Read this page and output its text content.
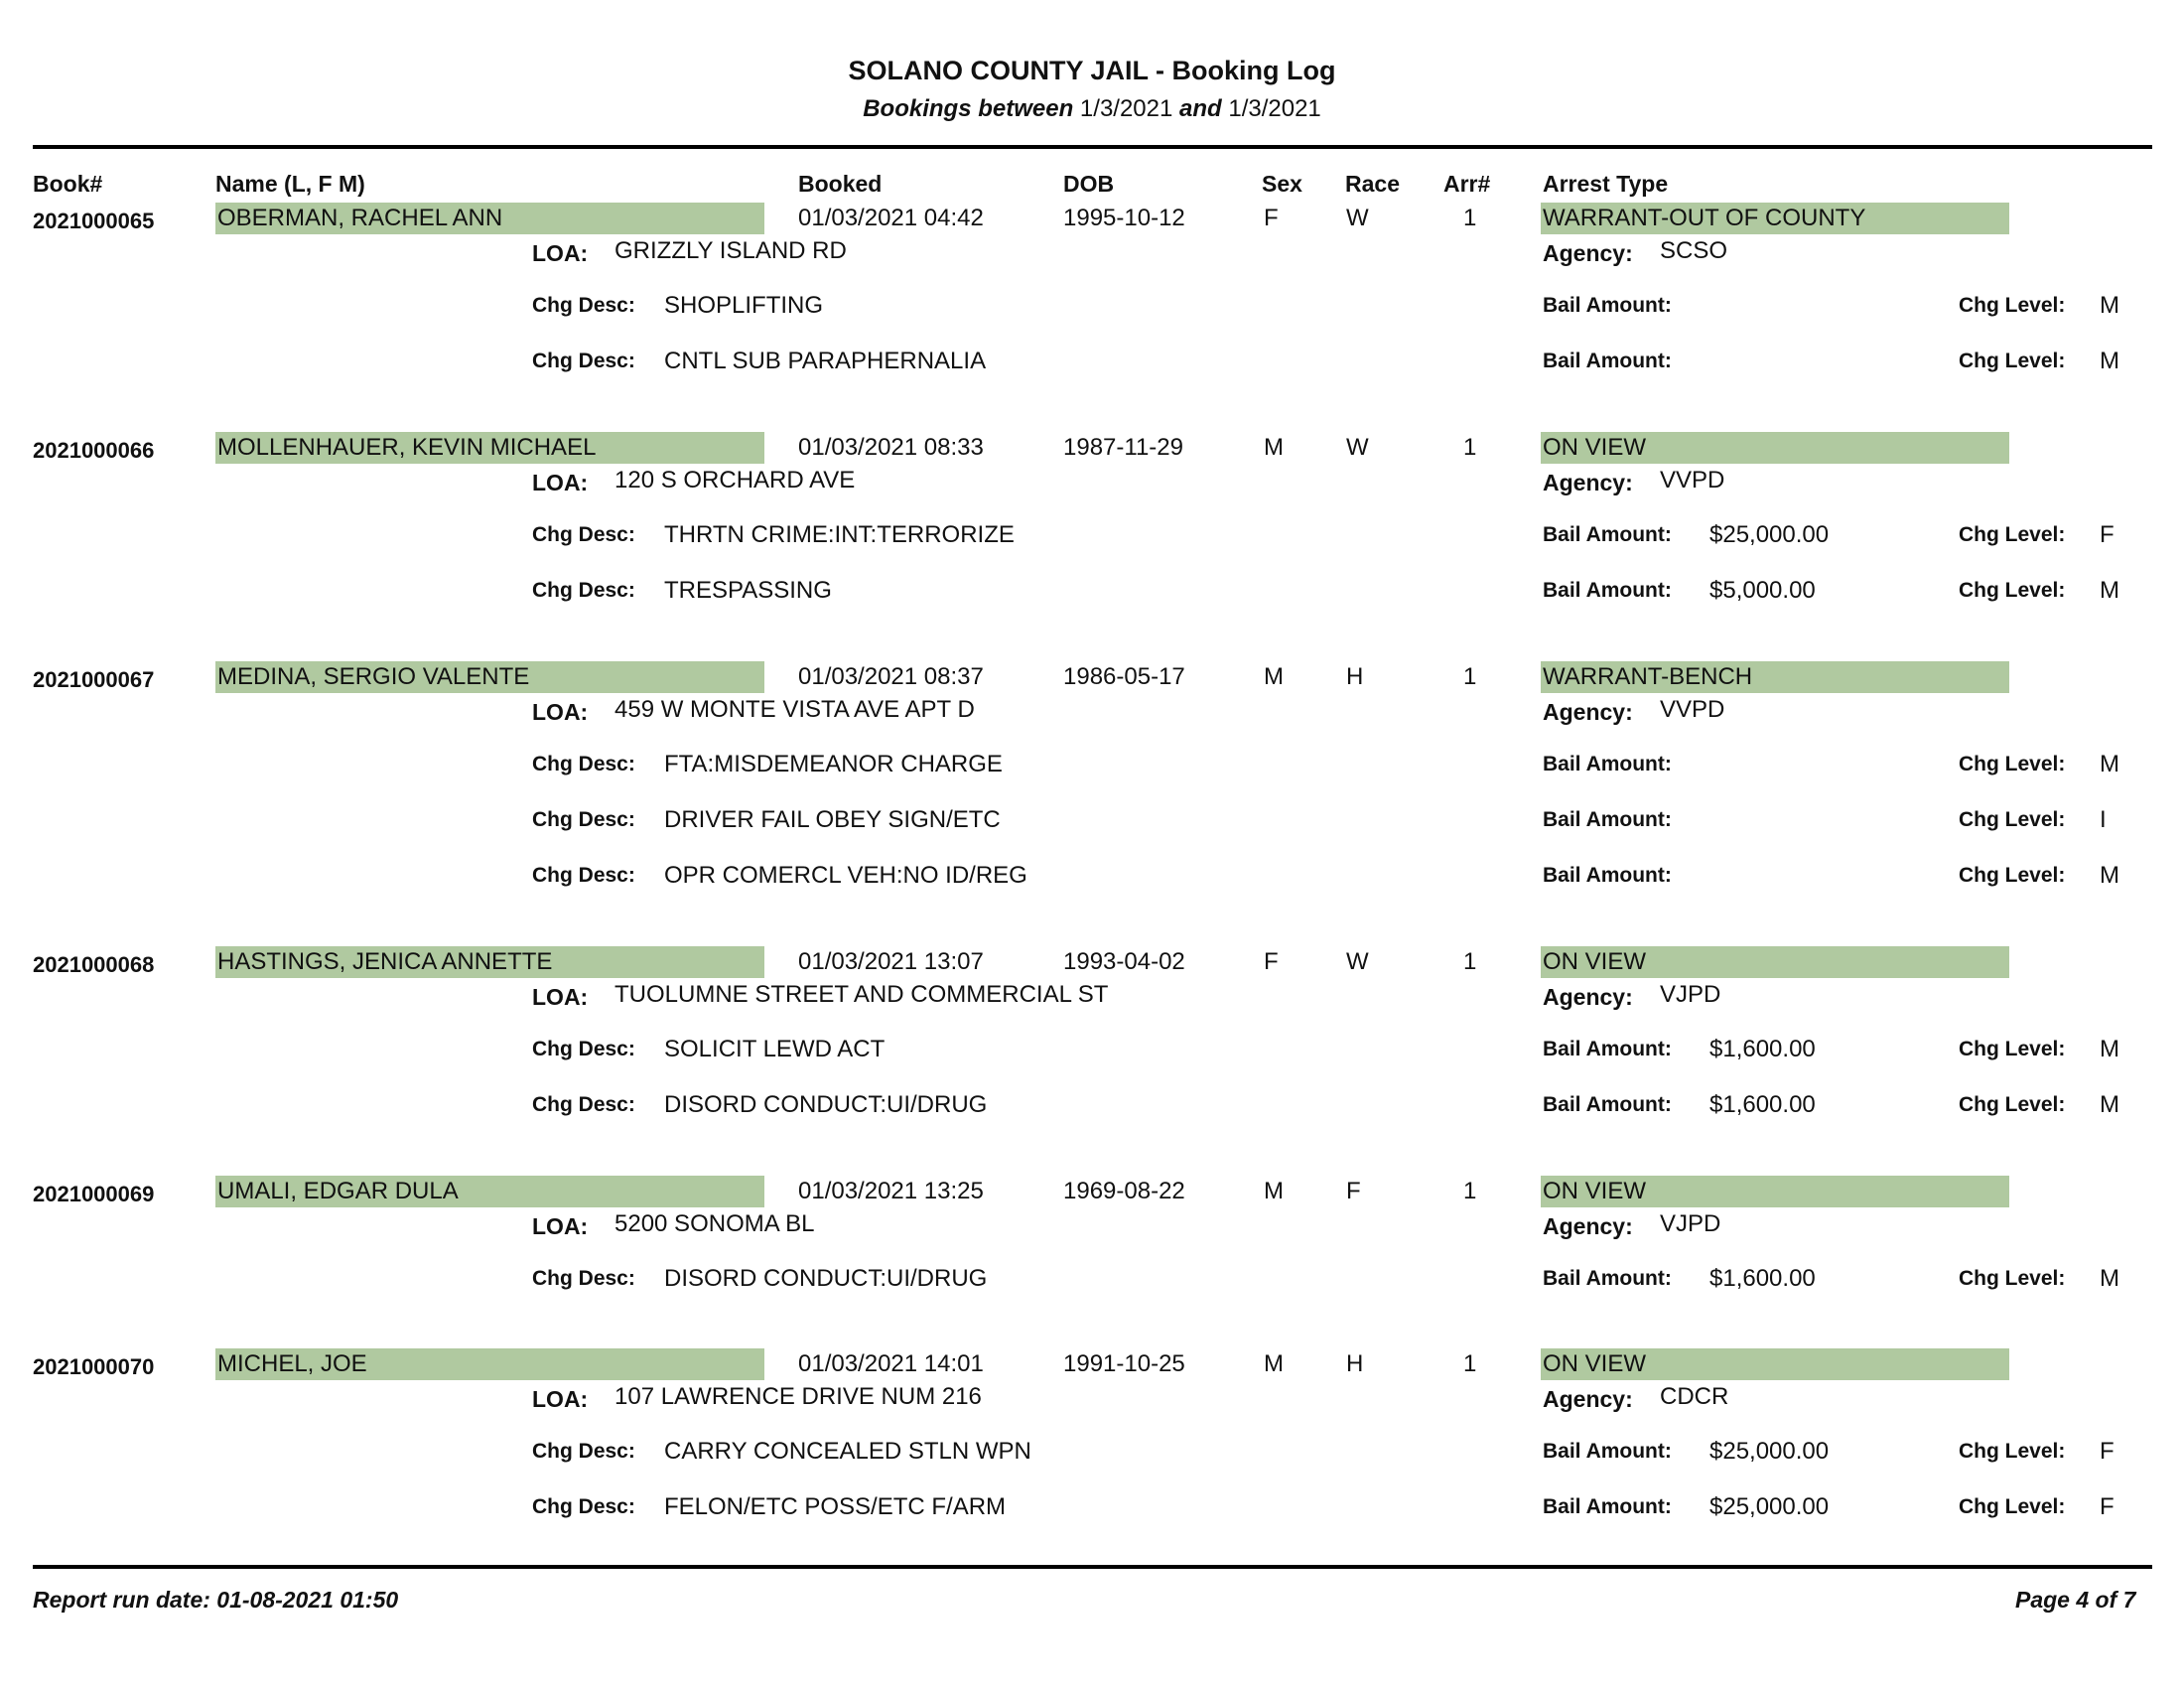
SOLANO COUNTY JAIL - Booking Log
Bookings between 1/3/2021 and 1/3/2021
Book#	Name (L, F M)	Booked	DOB	Sex Race Arr# Arrest Type
2021000065	OBERMAN, RACHEL ANN	01/03/2021 04:42	1995-10-12	F	W	1	WARRANT-OUT OF COUNTY
LOA: GRIZZLY ISLAND RD	Agency: SCSO
Chg Desc: SHOPLIFTING	Bail Amount:	Chg Level: M
Chg Desc: CNTL SUB PARAPHERNALIA	Bail Amount:	Chg Level: M
2021000066	MOLLENHAUER, KEVIN MICHAEL	01/03/2021 08:33	1987-11-29	M	W	1	ON VIEW
LOA: 120 S ORCHARD AVE	Agency: VVPD
Chg Desc: THRTN CRIME:INT:TERRORIZE	Bail Amount: $25,000.00	Chg Level: F
Chg Desc: TRESPASSING	Bail Amount: $5,000.00	Chg Level: M
2021000067	MEDINA, SERGIO VALENTE	01/03/2021 08:37	1986-05-17	M	H	1	WARRANT-BENCH
LOA: 459 W MONTE VISTA AVE APT D	Agency: VVPD
Chg Desc: FTA:MISDEMEANOR CHARGE	Bail Amount:	Chg Level: M
Chg Desc: DRIVER FAIL OBEY SIGN/ETC	Bail Amount:	Chg Level: I
Chg Desc: OPR COMERCL VEH:NO ID/REG	Bail Amount:	Chg Level: M
2021000068	HASTINGS, JENICA ANNETTE	01/03/2021 13:07	1993-04-02	F	W	1	ON VIEW
LOA: TUOLUMNE STREET AND COMMERCIAL ST	Agency: VJPD
Chg Desc: SOLICIT LEWD ACT	Bail Amount: $1,600.00	Chg Level: M
Chg Desc: DISORD CONDUCT:UI/DRUG	Bail Amount: $1,600.00	Chg Level: M
2021000069	UMALI, EDGAR DULA	01/03/2021 13:25	1969-08-22	M	F	1	ON VIEW
LOA: 5200 SONOMA BL	Agency: VJPD
Chg Desc: DISORD CONDUCT:UI/DRUG	Bail Amount: $1,600.00	Chg Level: M
2021000070	MICHEL, JOE	01/03/2021 14:01	1991-10-25	M	H	1	ON VIEW
LOA: 107 LAWRENCE DRIVE NUM 216	Agency: CDCR
Chg Desc: CARRY CONCEALED STLN WPN	Bail Amount: $25,000.00	Chg Level: F
Chg Desc: FELON/ETC POSS/ETC F/ARM	Bail Amount: $25,000.00	Chg Level: F
Report run date: 01-08-2021 01:50	Page 4 of 7
